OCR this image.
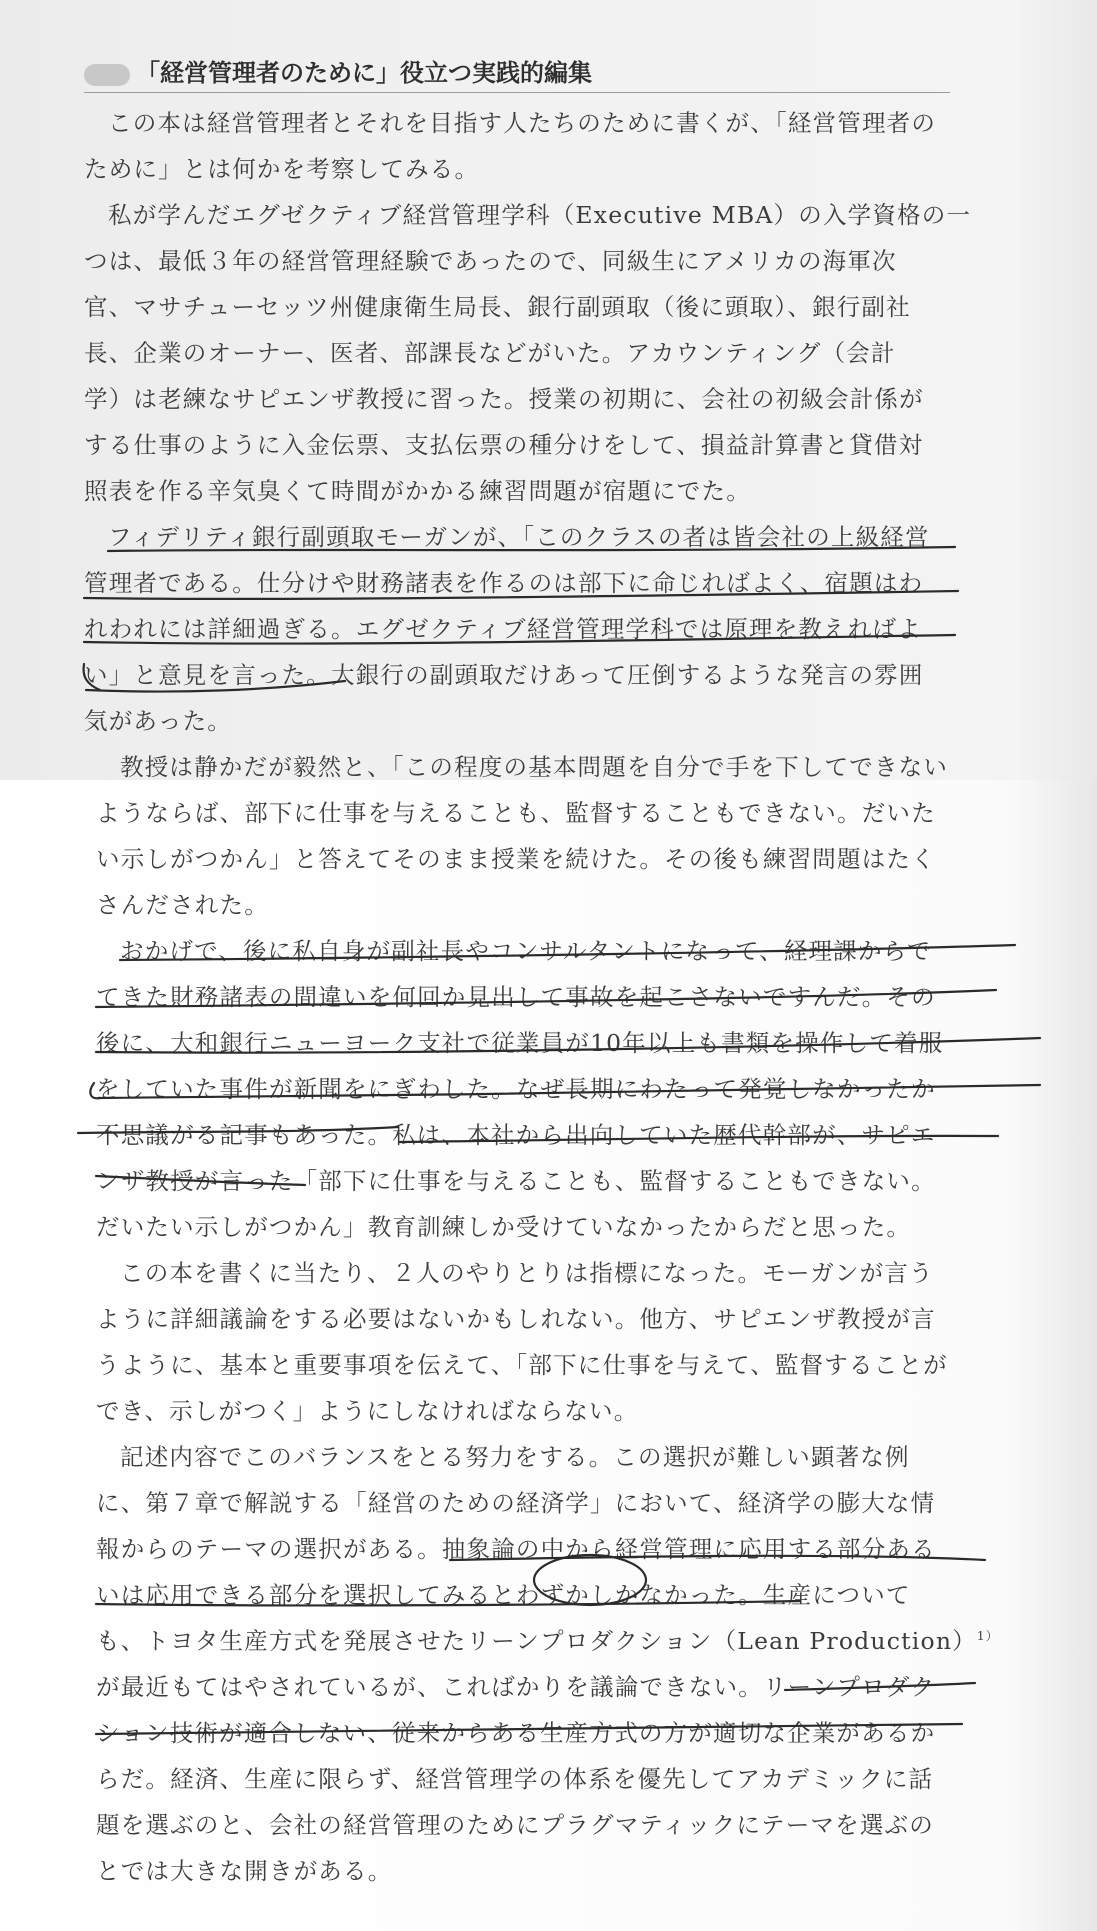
「経営管理者のために」役立つ実践的編集
この本は経営管理者とそれを目指す人たちのために書くが、「経営管理者の
ために」とは何かを考察してみる。
私が学んだエグゼクティブ経営管理学科（Executive MBA）の入学資格の一
つは、最低３年の経営管理経験であったので、同級生にアメリカの海軍次
官、マサチューセッツ州健康衛生局長、銀行副頭取（後に頭取）、銀行副社
長、企業のオーナー、医者、部課長などがいた。アカウンティング（会計
学）は老練なサピエンザ教授に習った。授業の初期に、会社の初級会計係が
する仕事のように入金伝票、支払伝票の種分けをして、損益計算書と貸借対
照表を作る辛気臭くて時間がかかる練習問題が宿題にでた。
フィデリティ銀行副頭取モーガンが、「このクラスの者は皆会社の上級経営
管理者である。仕分けや財務諸表を作るのは部下に命じればよく、宿題はわ
れわれには詳細過ぎる。エグゼクティブ経営管理学科では原理を教えればよ
い」と意見を言った。大銀行の副頭取だけあって圧倒するような発言の雰囲
気があった。
教授は静かだが毅然と、「この程度の基本問題を自分で手を下してできない
ようならば、部下に仕事を与えることも、監督することもできない。だいた
い示しがつかん」と答えてそのまま授業を続けた。その後も練習問題はたく
さんだされた。
おかげで、後に私自身が副社長やコンサルタントになって、経理課からで
てきた財務諸表の間違いを何回か見出して事故を起こさないですんだ。その
後に、大和銀行ニューヨーク支社で従業員が10年以上も書類を操作して着服
をしていた事件が新聞をにぎわした。なぜ長期にわたって発覚しなかったか
不思議がる記事もあった。私は、本社から出向していた歴代幹部が、サピエ
ンザ教授が言った「部下に仕事を与えることも、監督することもできない。
だいたい示しがつかん」教育訓練しか受けていなかったからだと思った。
この本を書くに当たり、２人のやりとりは指標になった。モーガンが言う
ように詳細議論をする必要はないかもしれない。他方、サピエンザ教授が言
うように、基本と重要事項を伝えて、「部下に仕事を与えて、監督することが
でき、示しがつく」ようにしなければならない。
記述内容でこのバランスをとる努力をする。この選択が難しい顕著な例
に、第７章で解説する「経営のための経済学」において、経済学の膨大な情
報からのテーマの選択がある。抽象論の中から経営管理に応用する部分ある
いは応用できる部分を選択してみるとわずかしかなかった。生産について
も、トヨタ生産方式を発展させたリーンプロダクション（Lean Production）$^{1)}$
が最近もてはやされているが、こればかりを議論できない。リーンプロダク
ション技術が適合しない、従来からある生産方式の方が適切な企業があるか
らだ。経済、生産に限らず、経営管理学の体系を優先してアカデミックに話
題を選ぶのと、会社の経営管理のためにプラグマティックにテーマを選ぶの
とでは大きな開きがある。
